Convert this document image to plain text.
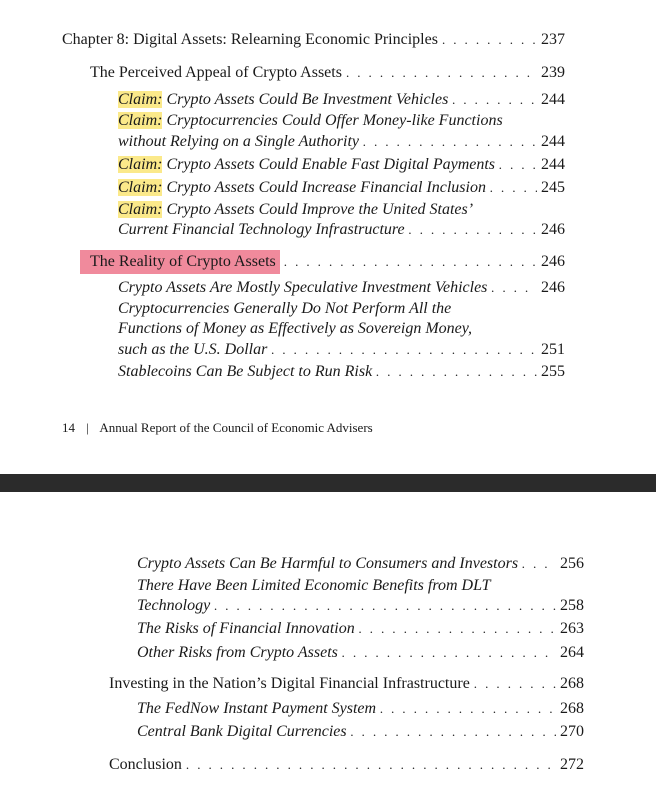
Chapter 8: Digital Assets: Relearning Economic Principles . . .	237
The Perceived Appeal of Crypto Assets . . .	239
Claim: Crypto Assets Could Be Investment Vehicles . . .	244
Claim: Cryptocurrencies Could Offer Money-like Functions
without Relying on a Single Authority . . .	244
Claim: Crypto Assets Could Enable Fast Digital Payments . . .	244
Claim: Crypto Assets Could Increase Financial Inclusion . . .	245
Claim: Crypto Assets Could Improve the United States’
Current Financial Technology Infrastructure . . .	246
The Reality of Crypto Assets . . .	246
Crypto Assets Are Mostly Speculative Investment Vehicles . . .	246
Cryptocurrencies Generally Do Not Perform All the
Functions of Money as Effectively as Sovereign Money,
such as the U.S. Dollar . . .	251
Stablecoins Can Be Subject to Run Risk . . .	255
14 | Annual Report of the Council of Economic Advisers
Crypto Assets Can Be Harmful to Consumers and Investors . . .	256
There Have Been Limited Economic Benefits from DLT
Technology . . .	258
The Risks of Financial Innovation . . .	263
Other Risks from Crypto Assets . . .	264
Investing in the Nation’s Digital Financial Infrastructure . . .	268
The FedNow Instant Payment System . . .	268
Central Bank Digital Currencies . . .	270
Conclusion . . .	272
